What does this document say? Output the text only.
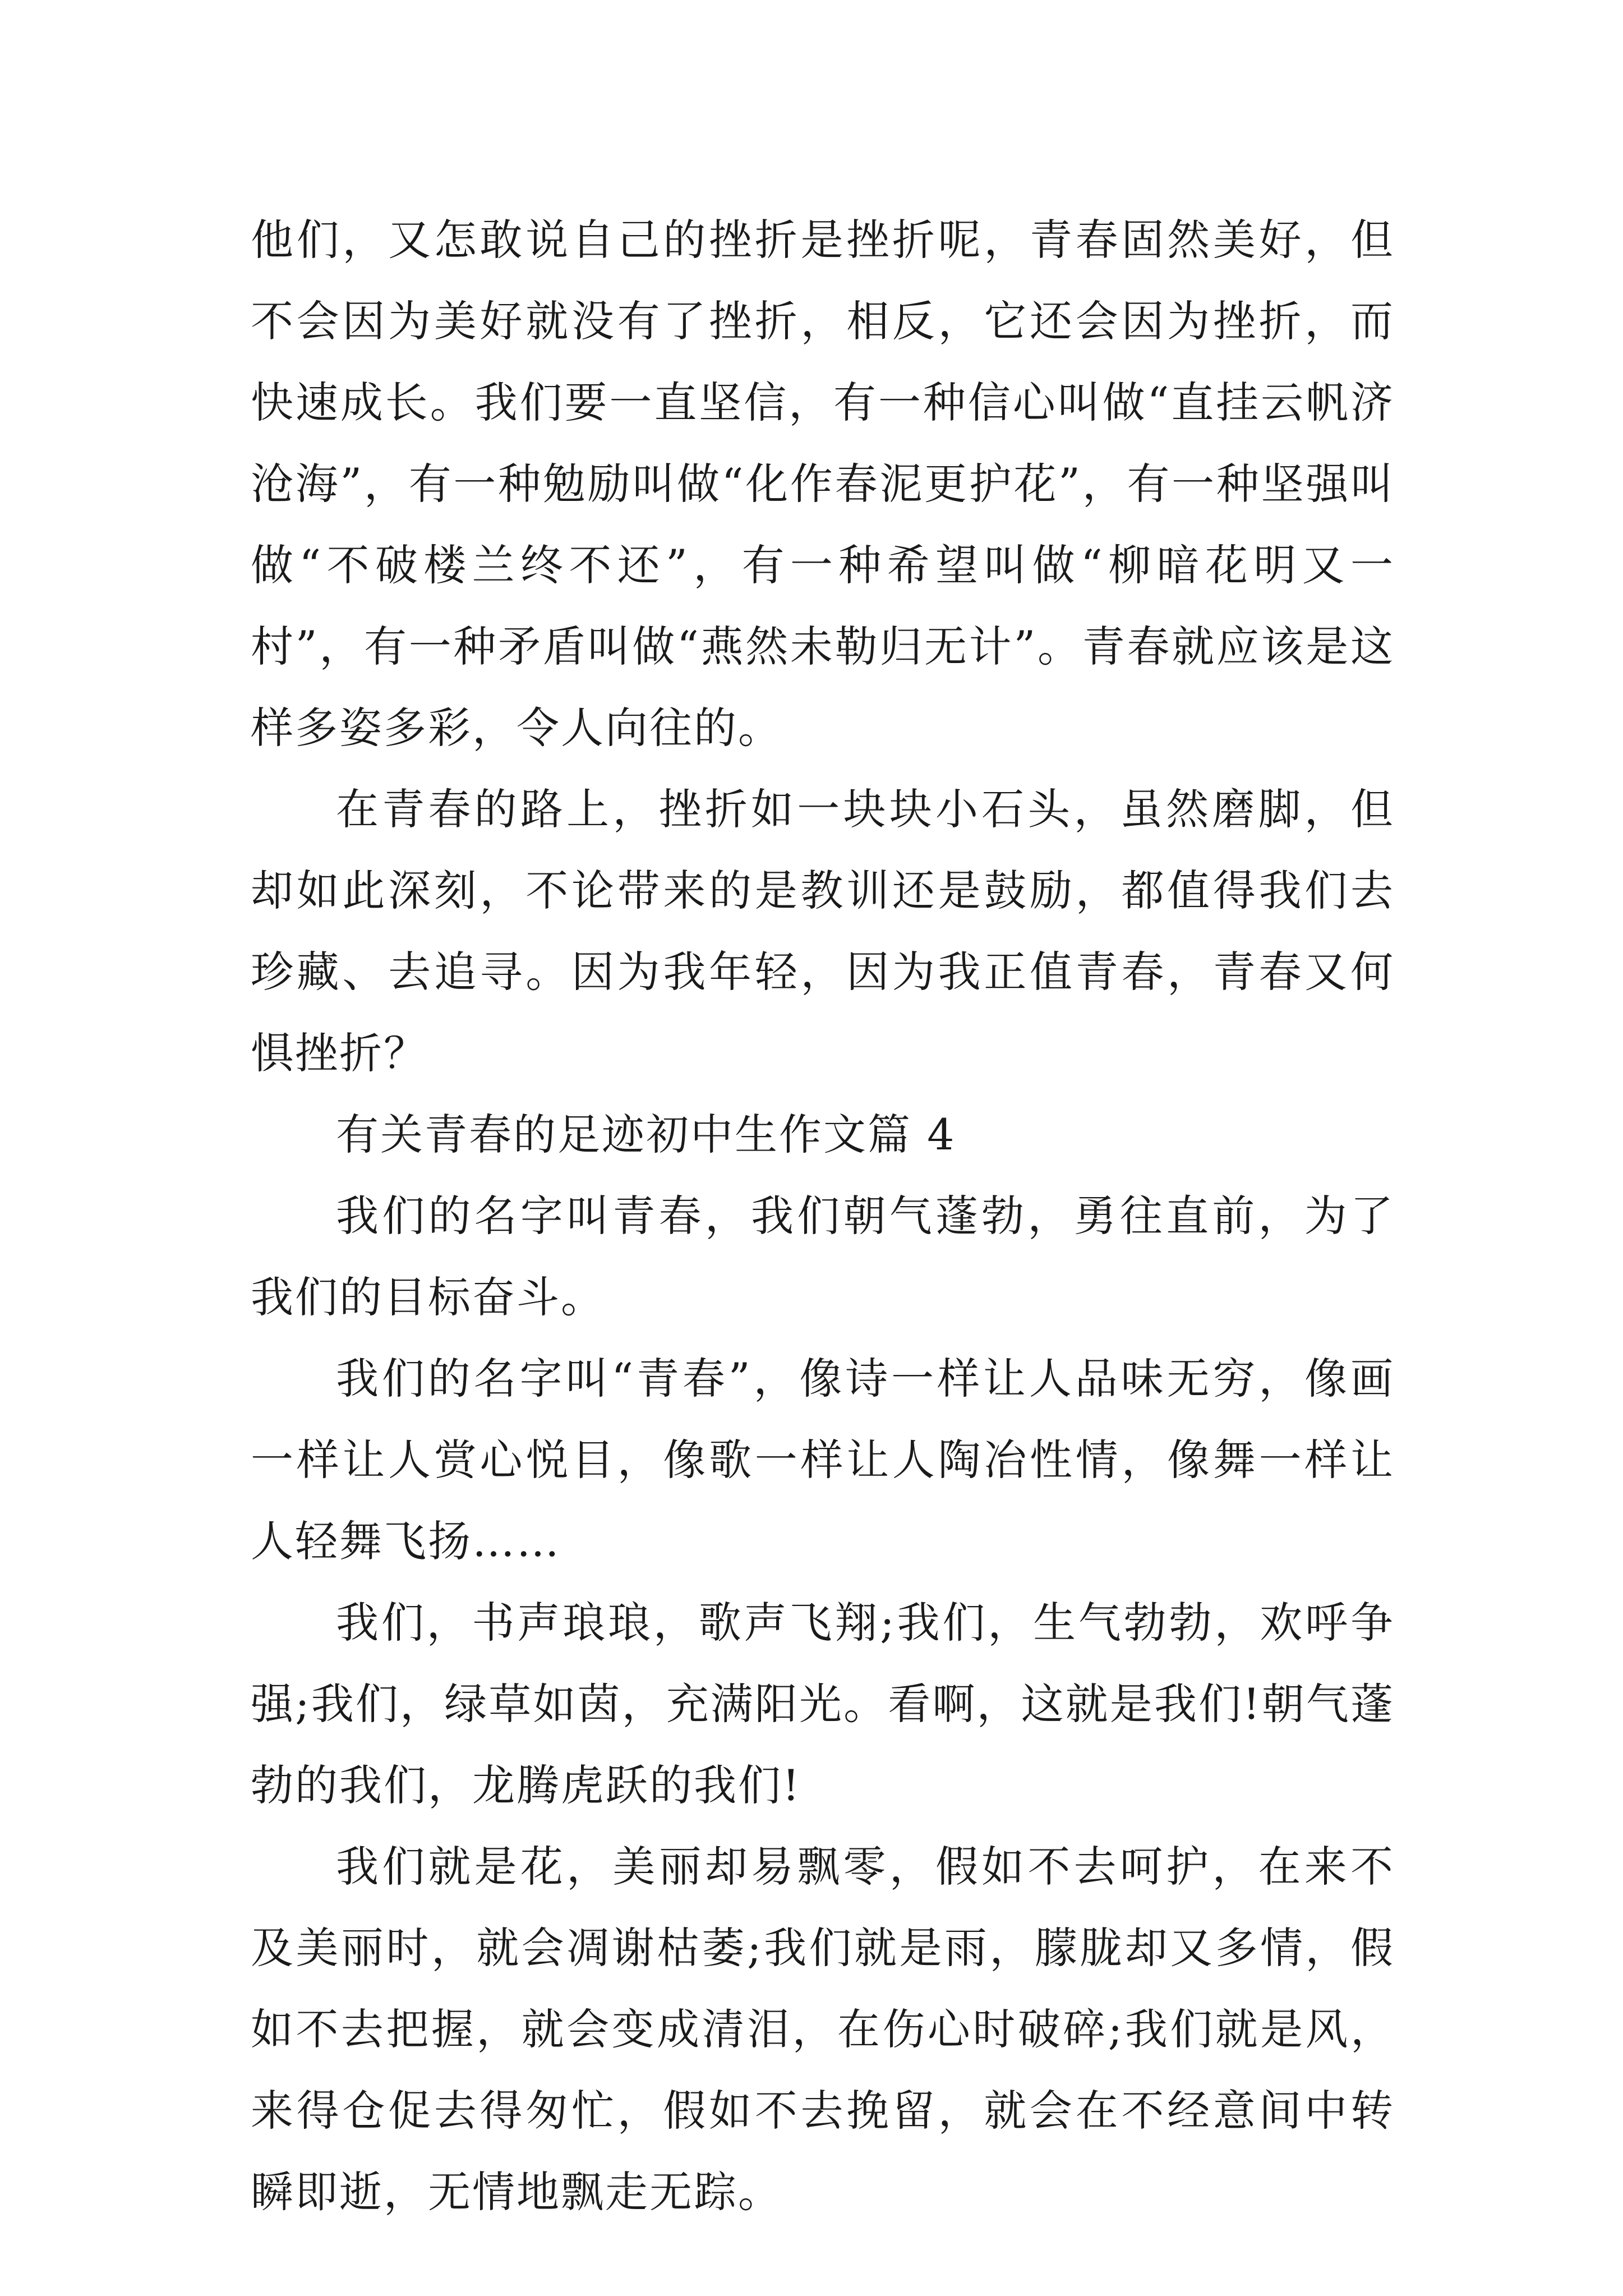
他们，又怎敢说自己的挫折是挫折呢，青春固然美好，但不会因为美好就没有了挫折，相反，它还会因为挫折，而快速成长。我们要一直坚信，有一种信心叫做“直挂云帆济沧海”，有一种勉励叫做“化作春泥更护花”，有一种坚强叫做“不破楼兰终不还”，有一种希望叫做“柳暗花明又一村”，有一种矛盾叫做“燕然未勒归无计”。青春就应该是这样多姿多彩，令人向往的。

在青春的路上，挫折如一块块小石头，虽然磨脚，但却如此深刻，不论带来的是教训还是鼓励，都值得我们去珍藏、去追寻。因为我年轻，因为我正值青春，青春又何惧挫折？

有关青春的足迹初中生作文篇 4

我们的名字叫青春，我们朝气蓬勃，勇往直前，为了我们的目标奋斗。

我们的名字叫“青春”，像诗一样让人品味无穷，像画一样让人赏心悦目，像歌一样让人陶冶性情，像舞一样让人轻舞飞扬……

我们，书声琅琅，歌声飞翔;我们，生气勃勃，欢呼争强;我们，绿草如茵，充满阳光。看啊，这就是我们!朝气蓬勃的我们，龙腾虎跃的我们!

我们就是花，美丽却易飘零，假如不去呵护，在来不及美丽时，就会凋谢枯萎;我们就是雨，朦胧却又多情，假如不去把握，就会变成清泪，在伤心时破碎;我们就是风，来得仓促去得匆忙，假如不去挽留，就会在不经意间中转瞬即逝，无情地飘走无踪。
